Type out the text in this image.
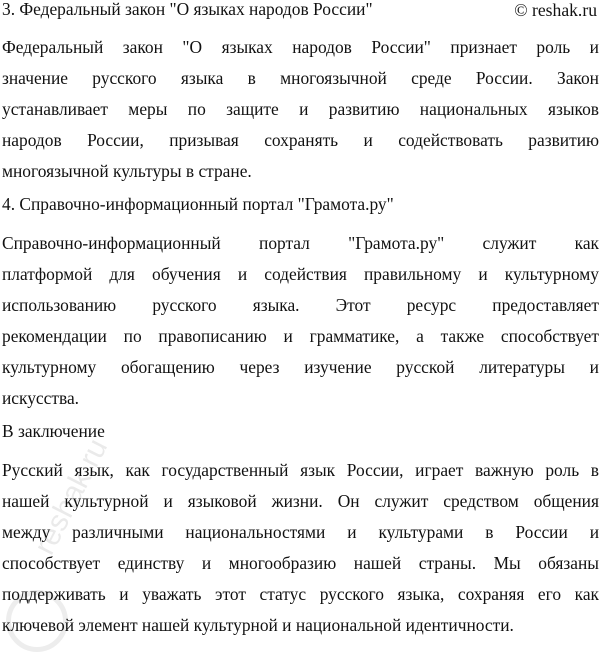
reshak.ru
3. Федеральный закон "О языках народов России"	© reshak.ru
Федеральный закон "О языках народов России" признает роль и
значение русского языка в многоязычной среде России. Закон
устанавливает меры по защите и развитию национальных языков
народов России, призывая сохранять и содействовать развитию
многоязычной культуры в стране.
4. Справочно-информационный портал "Грамота.ру"
Справочно-информационный портал "Грамота.ру" служит как
платформой для обучения и содействия правильному и культурному
использованию русского языка. Этот ресурс предоставляет
рекомендации по правописанию и грамматике, а также способствует
культурному обогащению через изучение русской литературы и
искусства.
В заключение
Русский язык, как государственный язык России, играет важную роль в
нашей культурной и языковой жизни. Он служит средством общения
между различными национальностями и культурами в России и
способствует единству и многообразию нашей страны. Мы обязаны
поддерживать и уважать этот статус русского языка, сохраняя его как
ключевой элемент нашей культурной и национальной идентичности.
